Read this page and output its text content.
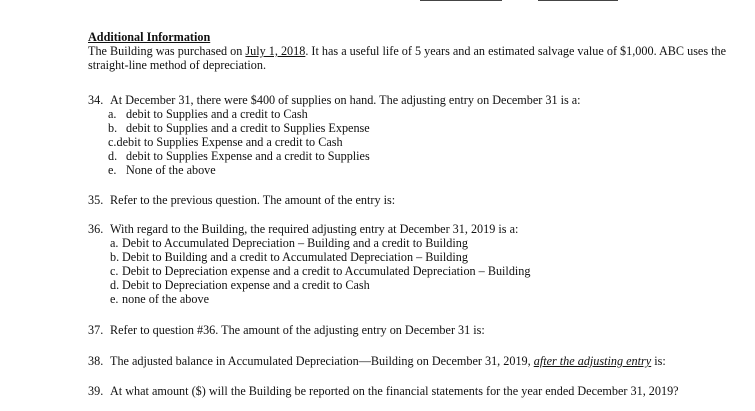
Additional Information

The Building was purchased on July 1, 2018. It has a useful life of 5 years and an estimated salvage value of $1,000. ABC uses the straight-line method of depreciation.

34. At December 31, there were $400 of supplies on hand. The adjusting entry on December 31 is a:
a. debit to Supplies and a credit to Cash
b. debit to Supplies and a credit to Supplies Expense
c.debit to Supplies Expense and a credit to Cash
d. debit to Supplies Expense and a credit to Supplies
e. None of the above
35. Refer to the previous question. The amount of the entry is:
36. With regard to the Building, the required adjusting entry at December 31, 2019 is a:
a. Debit to Accumulated Depreciation – Building and a credit to Building
b. Debit to Building and a credit to Accumulated Depreciation – Building
c. Debit to Depreciation expense and a credit to Accumulated Depreciation – Building
d. Debit to Depreciation expense and a credit to Cash
e. none of the above
37. Refer to question #36. The amount of the adjusting entry on December 31 is:
38. The adjusted balance in Accumulated Depreciation—Building on December 31, 2019, after the adjusting entry is:
39. At what amount ($) will the Building be reported on the financial statements for the year ended December 31, 2019?
